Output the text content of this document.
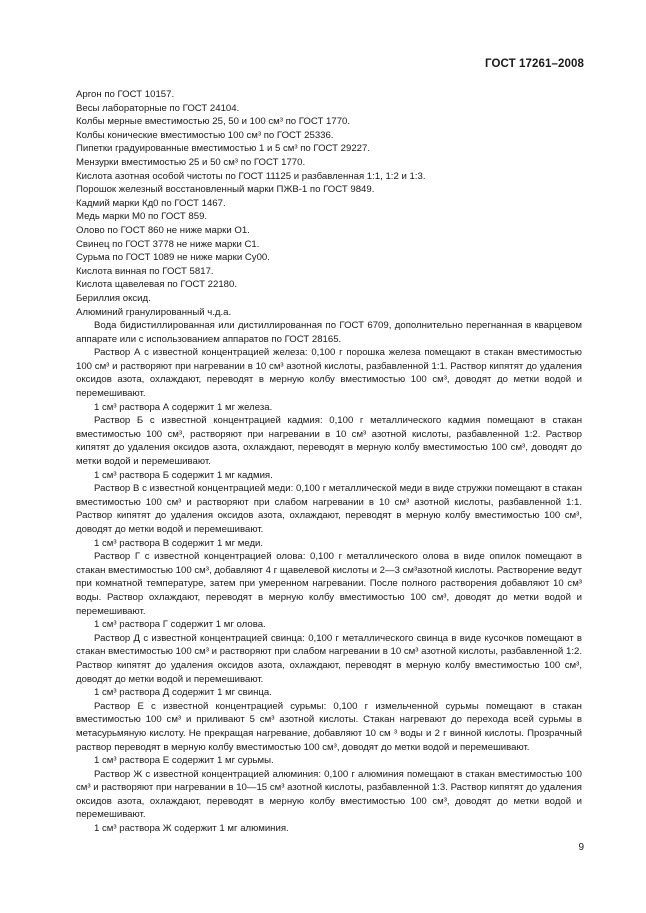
ГОСТ 17261–2008
Аргон по ГОСТ 10157.
Весы лабораторные по ГОСТ 24104.
Колбы мерные вместимостью 25, 50 и 100 см³ по ГОСТ 1770.
Колбы конические вместимостью 100 см³ по ГОСТ 25336.
Пипетки градуированные вместимостью 1 и 5 см³ по ГОСТ 29227.
Мензурки вместимостью 25 и 50 см³ по ГОСТ 1770.
Кислота азотная особой чистоты по ГОСТ 11125 и разбавленная 1:1, 1:2 и 1:3.
Порошок железный восстановленный марки ПЖВ-1 по ГОСТ 9849.
Кадмий марки Кд0 по ГОСТ 1467.
Медь марки М0 по ГОСТ 859.
Олово по ГОСТ 860 не ниже марки О1.
Свинец по ГОСТ 3778 не ниже марки С1.
Сурьма по ГОСТ 1089 не ниже марки Су00.
Кислота винная по ГОСТ 5817.
Кислота щавелевая по ГОСТ 22180.
Бериллия оксид.
Алюминий гранулированный ч.д.а.
Вода бидистиллированная или дистиллированная по ГОСТ 6709, дополнительно перегнанная в кварцевом аппарате или с использованием аппаратов по ГОСТ 28165.
Раствор А с известной концентрацией железа: 0,100 г порошка железа помещают в стакан вместимостью 100 см³ и растворяют при нагревании в 10 см³ азотной кислоты, разбавленной 1:1. Раствор кипятят до удаления оксидов азота, охлаждают, переводят в мерную колбу вместимостью 100 см³, доводят до метки водой и перемешивают.
1 см³ раствора А содержит 1 мг железа.
Раствор Б с известной концентрацией кадмия: 0,100 г металлического кадмия помещают в стакан вместимостью 100 см³, растворяют при нагревании в 10 см³ азотной кислоты, разбавленной 1:2. Раствор кипятят до удаления оксидов азота, охлаждают, переводят в мерную колбу вместимостью 100 см³, доводят до метки водой и перемешивают.
1 см³ раствора Б содержит 1 мг кадмия.
Раствор В с известной концентрацией меди: 0,100 г металлической меди в виде стружки помещают в стакан вместимостью 100 см³ и растворяют при слабом нагревании в 10 см³ азотной кислоты, разбавленной 1:1. Раствор кипятят до удаления оксидов азота, охлаждают, переводят в мерную колбу вместимостью 100 см³, доводят до метки водой и перемешивают.
1 см³ раствора В содержит 1 мг меди.
Раствор Г с известной концентрацией олова: 0,100 г металлического олова в виде опилок помещают в стакан вместимостью 100 см³, добавляют 4 г щавелевой кислоты и 2—3 см³азотной кислоты. Растворение ведут при комнатной температуре, затем при умеренном нагревании. После полного растворения добавляют 10 см³ воды. Раствор охлаждают, переводят в мерную колбу вместимостью 100 см³, доводят до метки водой и перемешивают.
1 см³ раствора Г содержит 1 мг олова.
Раствор Д с известной концентрацией свинца: 0,100 г металлического свинца в виде кусочков помещают в стакан вместимостью 100 см³ и растворяют при слабом нагревании в 10 см³ азотной кислоты, разбавленной 1:2. Раствор кипятят до удаления оксидов азота, охлаждают, переводят в мерную колбу вместимостью 100 см³, доводят до метки водой и перемешивают.
1 см³ раствора Д содержит 1 мг свинца.
Раствор Е с известной концентрацией сурьмы: 0,100 г измельченной сурьмы помещают в стакан вместимостью 100 см³ и приливают 5 см³ азотной кислоты. Стакан нагревают до перехода всей сурьмы в метасурьмяную кислоту. Не прекращая нагревание, добавляют 10 см ³ воды и 2 г винной кислоты. Прозрачный раствор переводят в мерную колбу вместимостью 100 см³, доводят до метки водой и перемешивают.
1 см³ раствора Е содержит 1 мг сурьмы.
Раствор Ж с известной концентрацией алюминия: 0,100 г алюминия помещают в стакан вместимостью 100 см³ и растворяют при нагревании в 10—15 см³ азотной кислоты, разбавленной 1:3. Раствор кипятят до удаления оксидов азота, охлаждают, переводят в мерную колбу вместимостью 100 см³, доводят до метки водой и перемешивают.
1 см³ раствора Ж содержит 1 мг алюминия.
9
